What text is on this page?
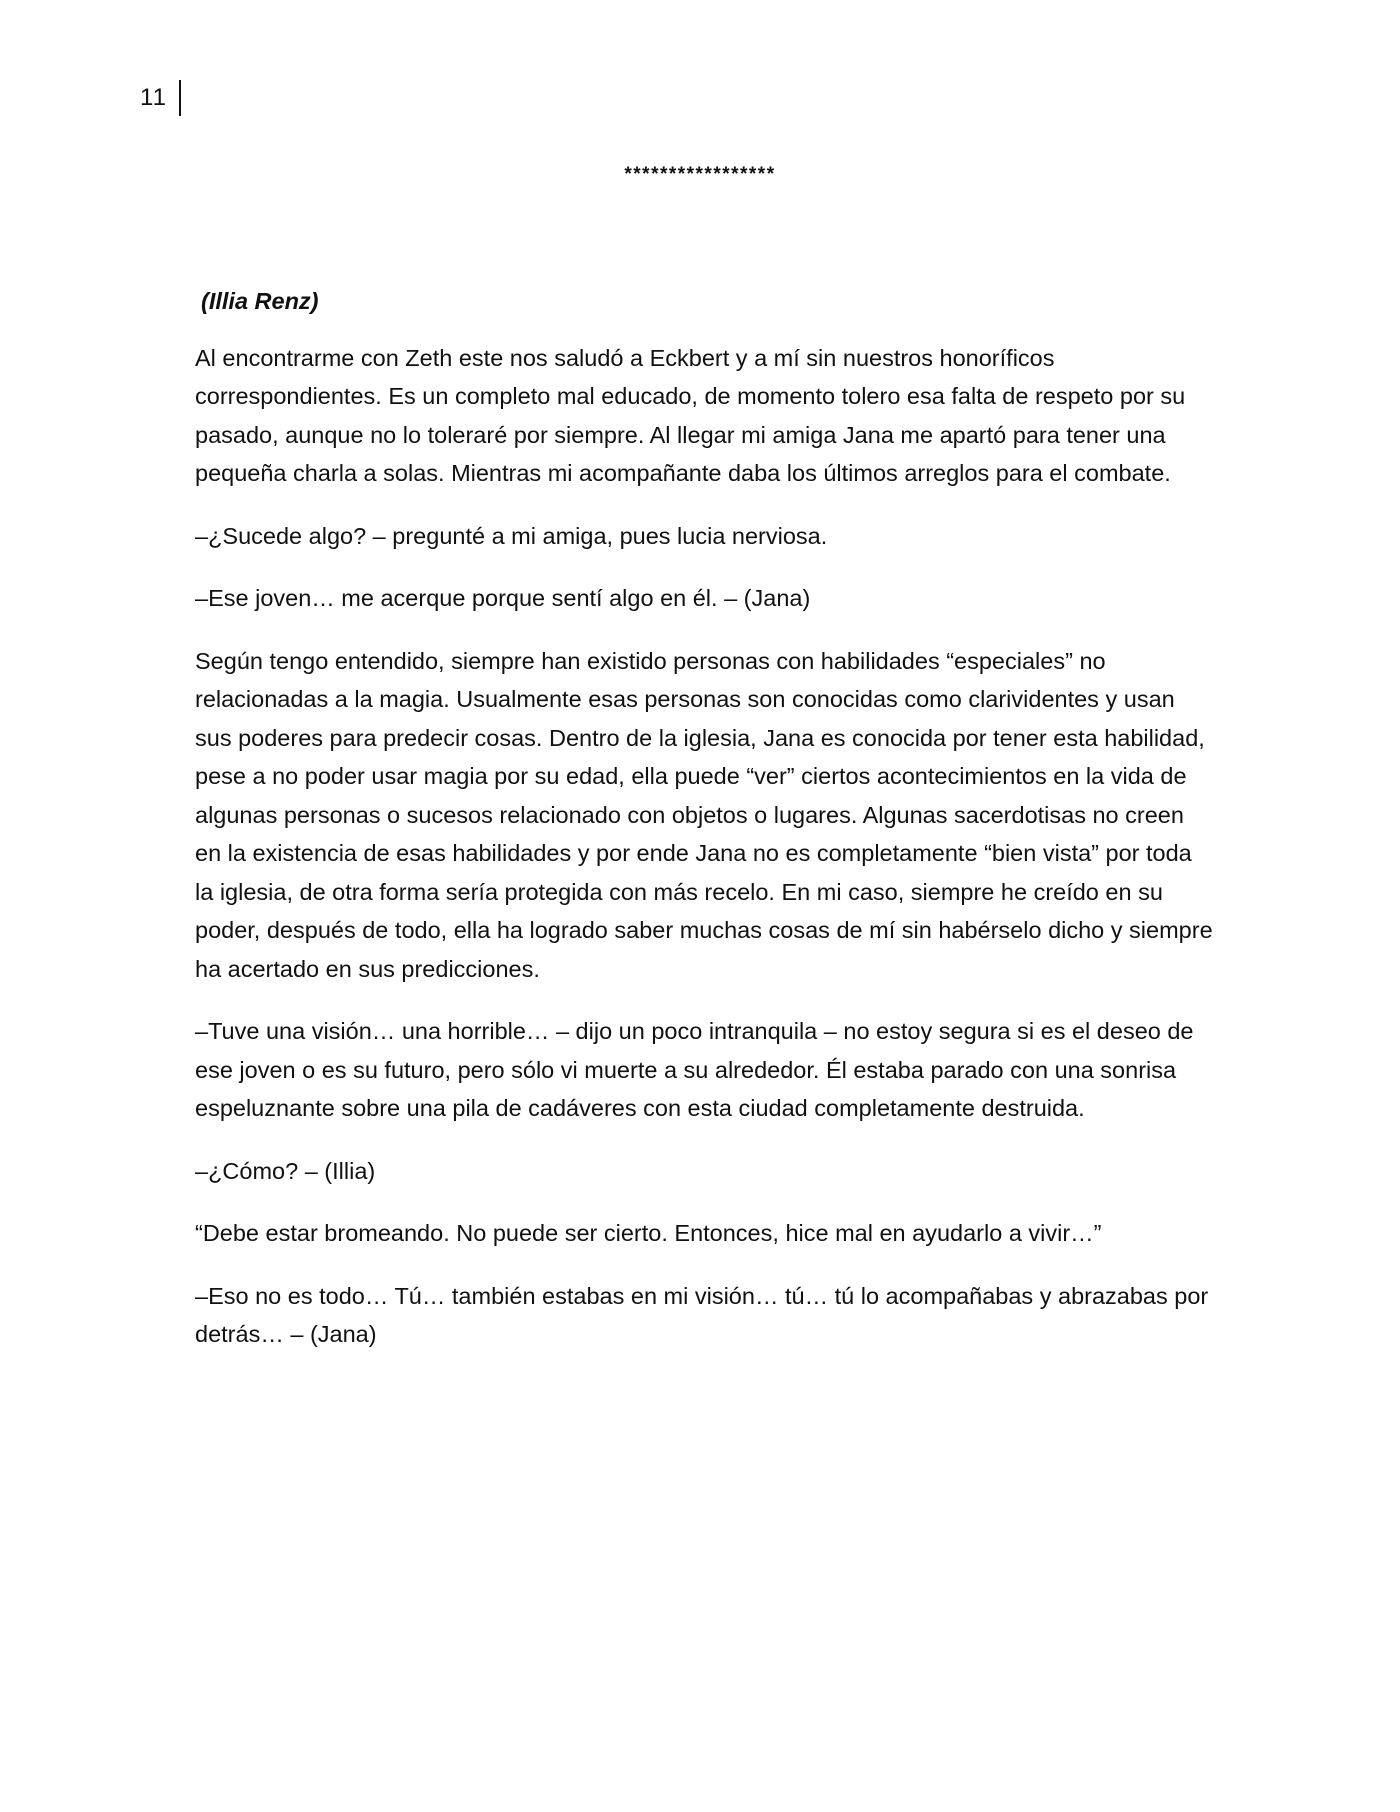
11
*****************

(Illia Renz)

Al encontrarme con Zeth este nos saludó a Eckbert y a mí sin nuestros honoríficos correspondientes. Es un completo mal educado, de momento tolero esa falta de respeto por su pasado, aunque no lo toleraré por siempre. Al llegar mi amiga Jana me apartó para tener una pequeña charla a solas. Mientras mi acompañante daba los últimos arreglos para el combate.

–¿Sucede algo? – pregunté a mi amiga, pues lucia nerviosa.

–Ese joven… me acerque porque sentí algo en él. – (Jana)

Según tengo entendido, siempre han existido personas con habilidades “especiales” no relacionadas a la magia. Usualmente esas personas son conocidas como clarividentes y usan sus poderes para predecir cosas. Dentro de la iglesia, Jana es conocida por tener esta habilidad, pese a no poder usar magia por su edad, ella puede “ver” ciertos acontecimientos en la vida de algunas personas o sucesos relacionado con objetos o lugares. Algunas sacerdotisas no creen en la existencia de esas habilidades y por ende Jana no es completamente “bien vista” por toda la iglesia, de otra forma sería protegida con más recelo. En mi caso, siempre he creído en su poder, después de todo, ella ha logrado saber muchas cosas de mí sin habérselo dicho y siempre ha acertado en sus predicciones.

–Tuve una visión… una horrible… – dijo un poco intranquila – no estoy segura si es el deseo de ese joven o es su futuro, pero sólo vi muerte a su alrededor. Él estaba parado con una sonrisa espeluznante sobre una pila de cadáveres con esta ciudad completamente destruida.

–¿Cómo? – (Illia)

“Debe estar bromeando. No puede ser cierto. Entonces, hice mal en ayudarlo a vivir…”

–Eso no es todo… Tú… también estabas en mi visión… tú… tú lo acompañabas y abrazabas por detrás… – (Jana)
